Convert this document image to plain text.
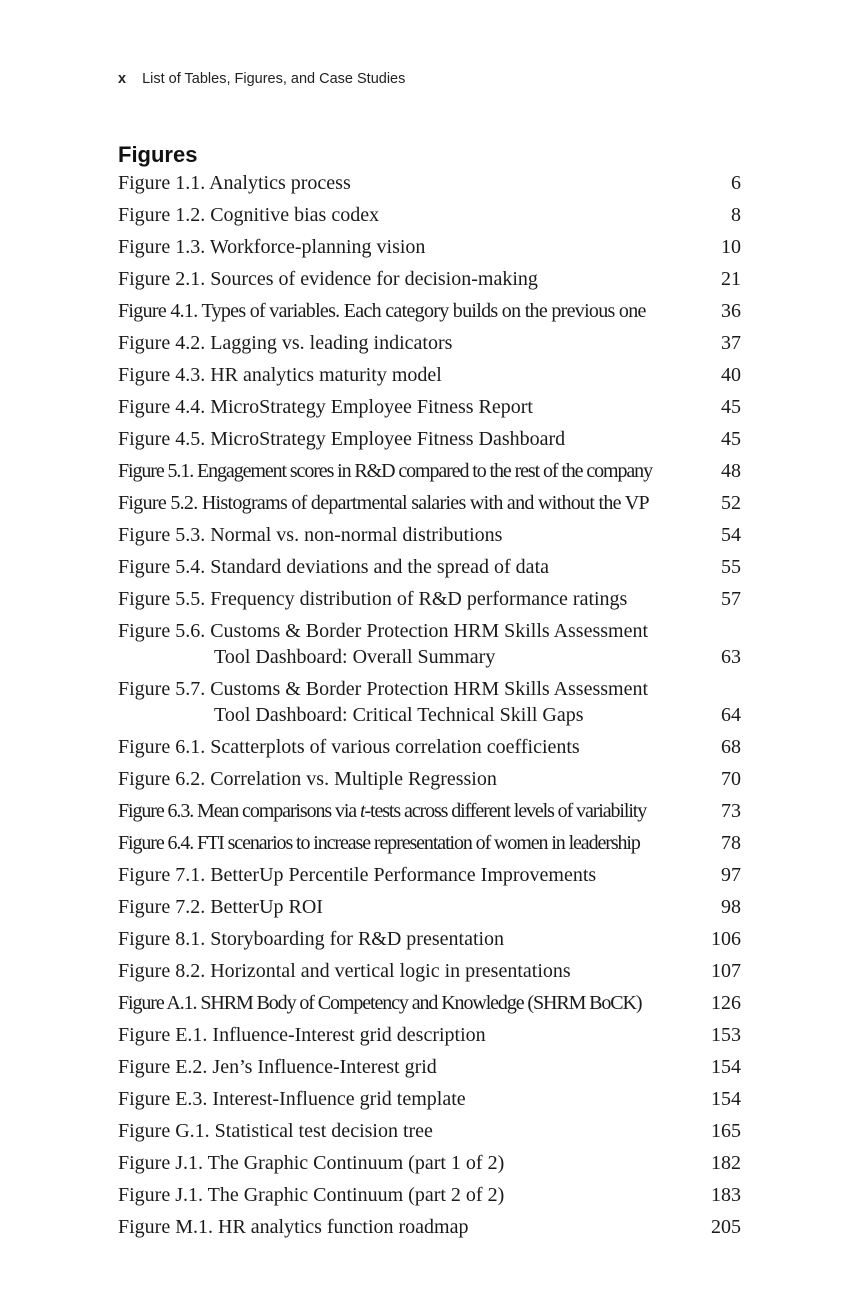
x List of Tables, Figures, and Case Studies
Figures
Figure 1.1. Analytics process	6
Figure 1.2. Cognitive bias codex	8
Figure 1.3. Workforce-planning vision	10
Figure 2.1. Sources of evidence for decision-making	21
Figure 4.1. Types of variables. Each category builds on the previous one	36
Figure 4.2. Lagging vs. leading indicators	37
Figure 4.3. HR analytics maturity model	40
Figure 4.4. MicroStrategy Employee Fitness Report	45
Figure 4.5. MicroStrategy Employee Fitness Dashboard	45
Figure 5.1. Engagement scores in R&D compared to the rest of the company	48
Figure 5.2. Histograms of departmental salaries with and without the VP	52
Figure 5.3. Normal vs. non-normal distributions	54
Figure 5.4. Standard deviations and the spread of data	55
Figure 5.5. Frequency distribution of R&D performance ratings	57
Figure 5.6. Customs & Border Protection HRM Skills Assessment
Tool Dashboard: Overall Summary	63
Figure 5.7. Customs & Border Protection HRM Skills Assessment
Tool Dashboard: Critical Technical Skill Gaps	64
Figure 6.1. Scatterplots of various correlation coefficients	68
Figure 6.2. Correlation vs. Multiple Regression	70
Figure 6.3. Mean comparisons via t-tests across different levels of variability	73
Figure 6.4. FTI scenarios to increase representation of women in leadership	78
Figure 7.1. BetterUp Percentile Performance Improvements	97
Figure 7.2. BetterUp ROI	98
Figure 8.1. Storyboarding for R&D presentation	106
Figure 8.2. Horizontal and vertical logic in presentations	107
Figure A.1. SHRM Body of Competency and Knowledge (SHRM BoCK)	126
Figure E.1. Influence-Interest grid description	153
Figure E.2. Jen’s Influence-Interest grid	154
Figure E.3. Interest-Influence grid template	154
Figure G.1. Statistical test decision tree	165
Figure J.1. The Graphic Continuum (part 1 of 2)	182
Figure J.1. The Graphic Continuum (part 2 of 2)	183
Figure M.1. HR analytics function roadmap	205
